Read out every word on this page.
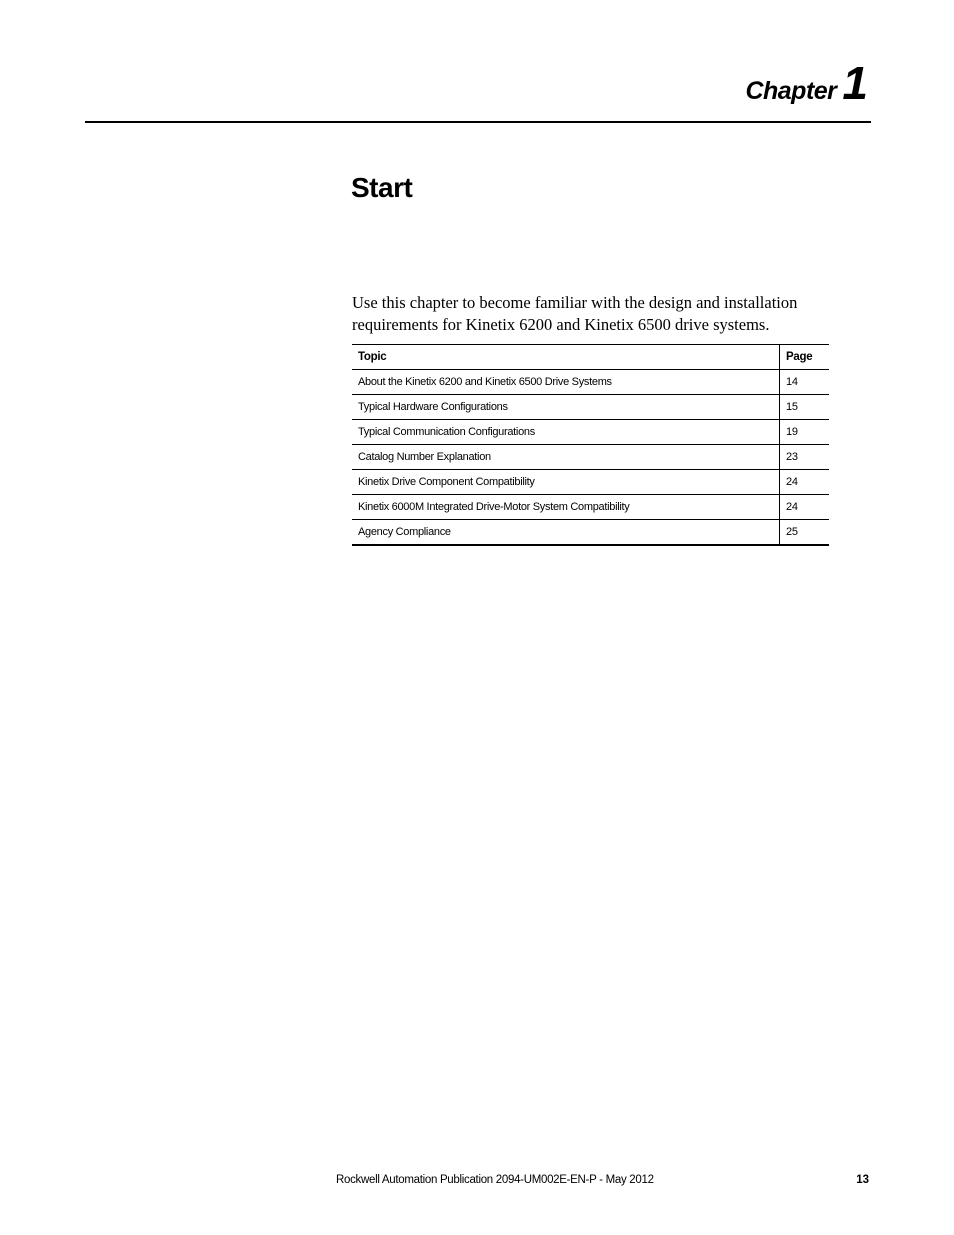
Chapter 1
Start

Use this chapter to become familiar with the design and installation requirements for Kinetix 6200 and Kinetix 6500 drive systems.

Topic	Page
About the Kinetix 6200 and Kinetix 6500 Drive Systems	14
Typical Hardware Configurations	15
Typical Communication Configurations	19
Catalog Number Explanation	23
Kinetix Drive Component Compatibility	24
Kinetix 6000M Integrated Drive-Motor System Compatibility	24
Agency Compliance	25
Rockwell Automation Publication 2094-UM002E-EN-P - May 2012	13
